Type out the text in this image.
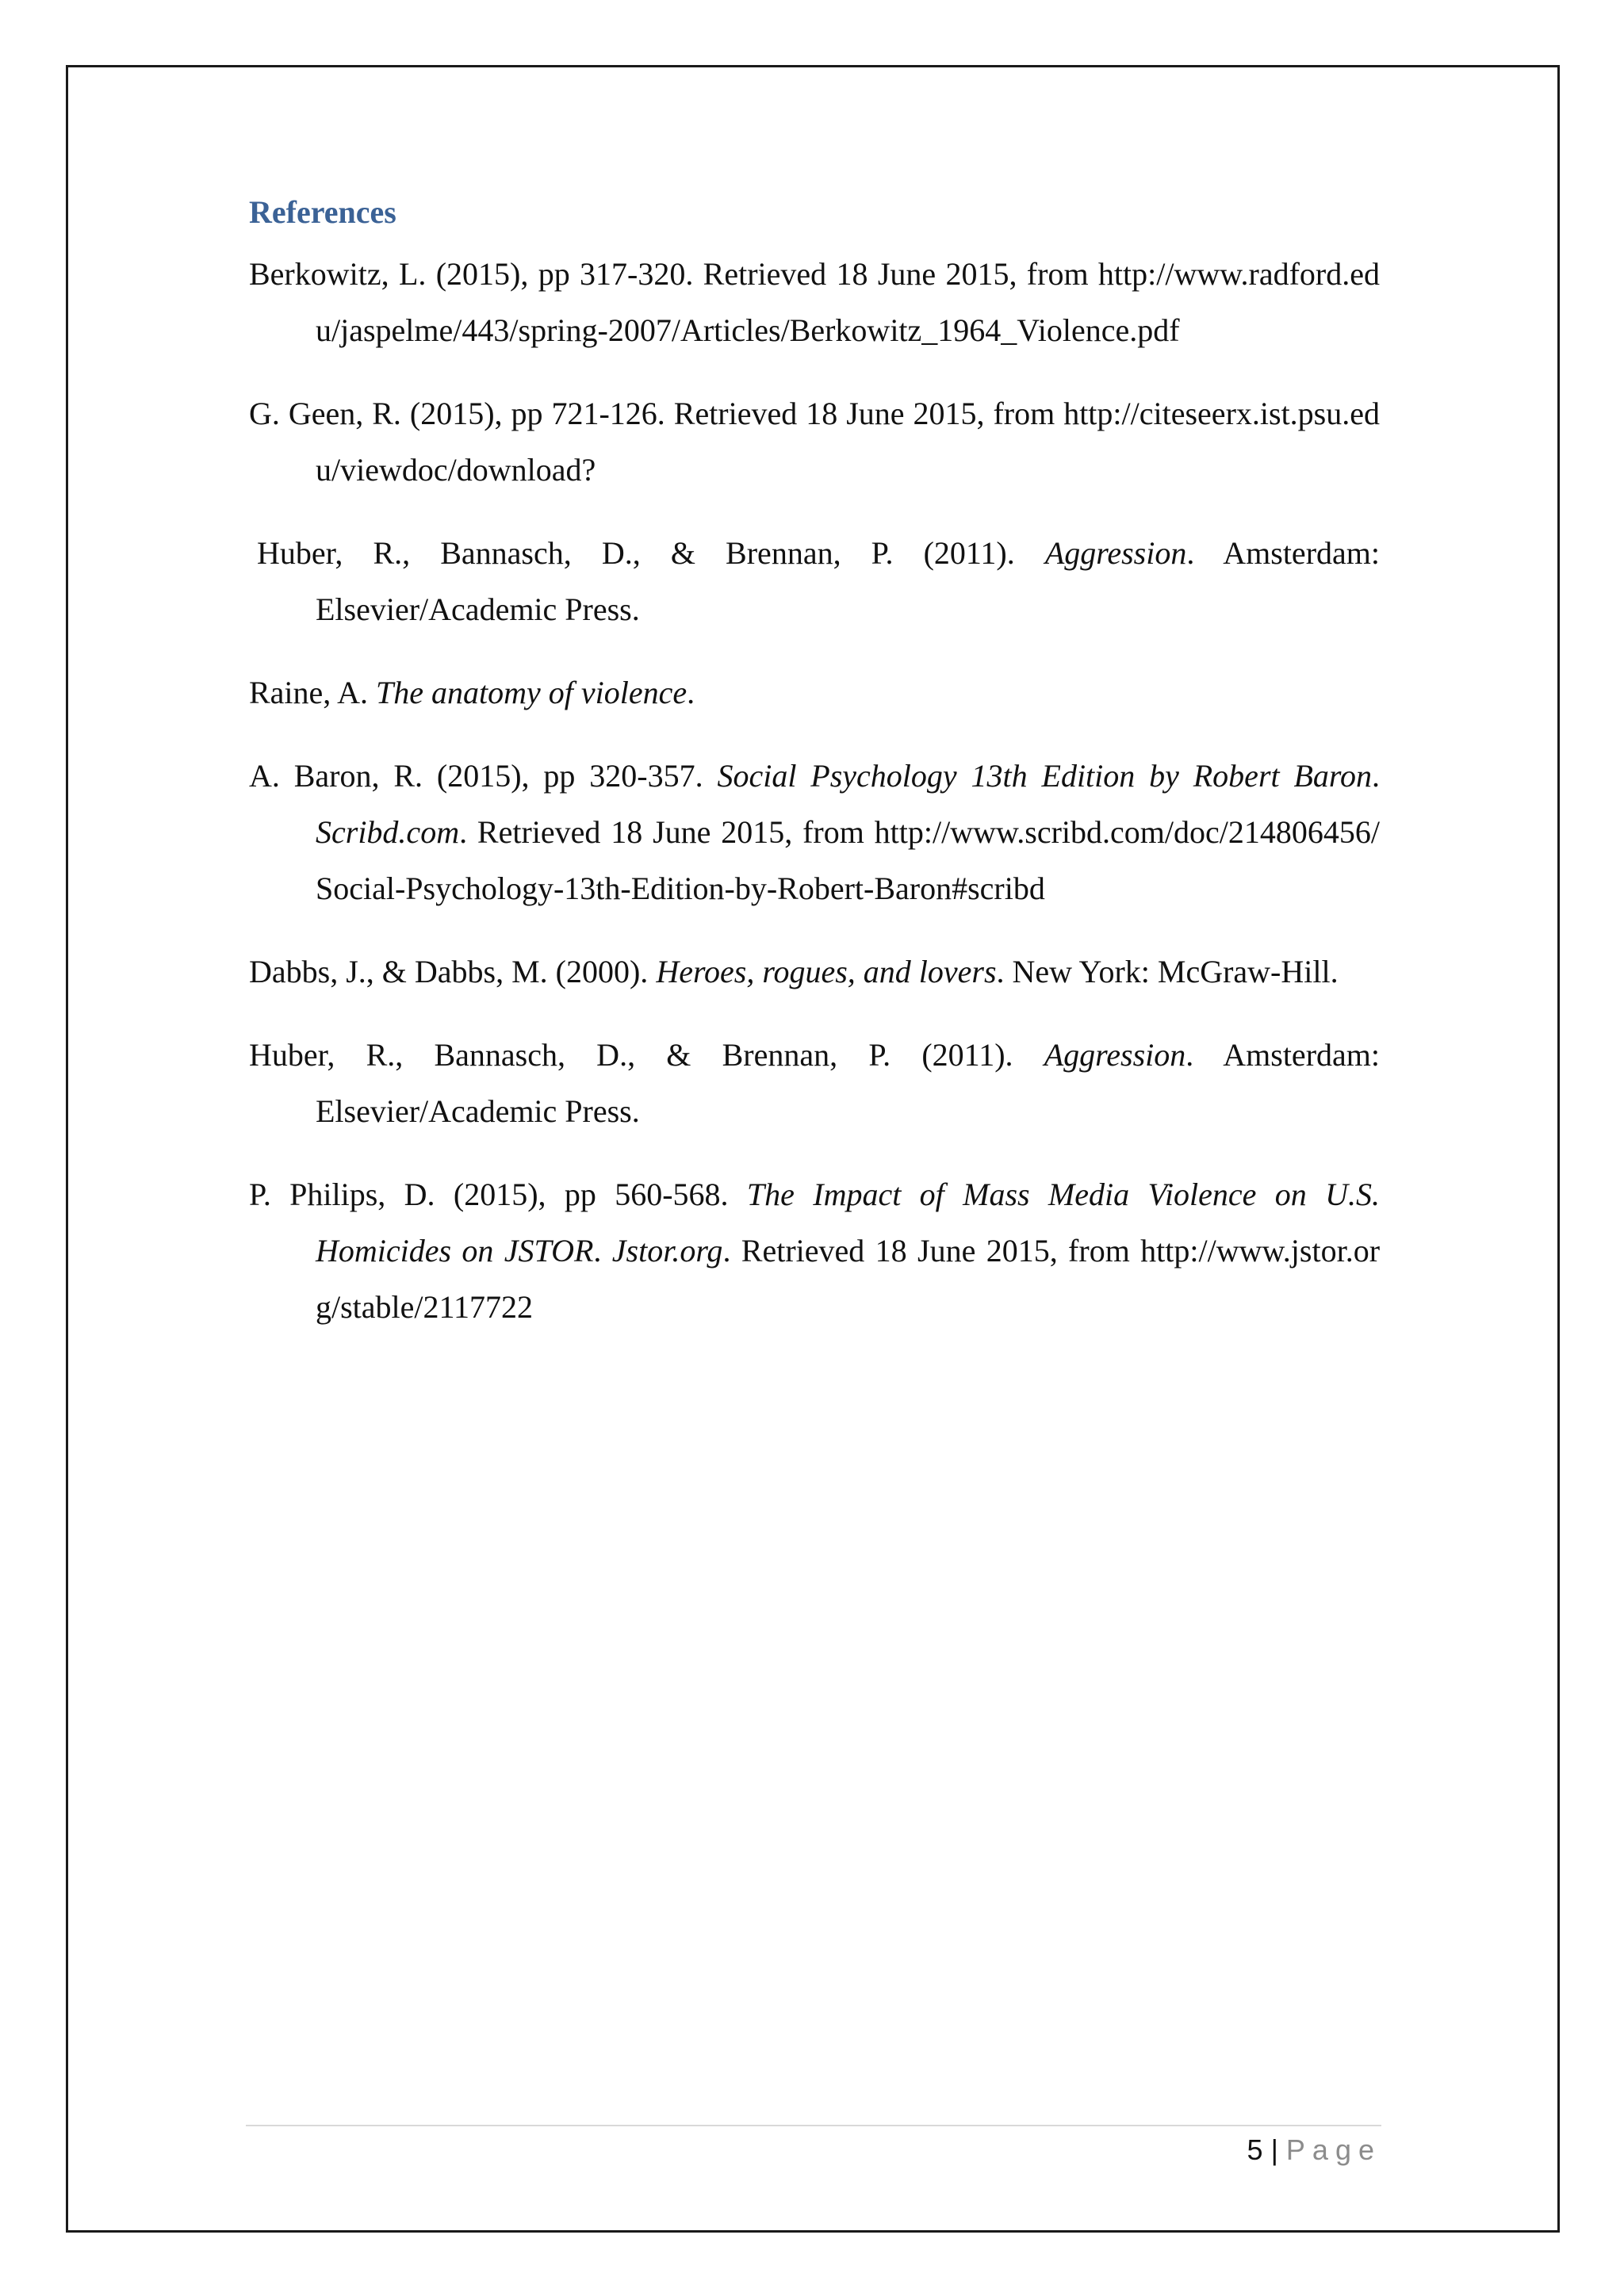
References

Berkowitz, L. (2015), pp 317-320. Retrieved 18 June 2015, from http://www.radford.edu/jaspelme/443/spring-2007/Articles/Berkowitz_1964_Violence.pdf

G. Geen, R. (2015), pp 721-126. Retrieved 18 June 2015, from http://citeseerx.ist.psu.edu/viewdoc/download?

Huber, R., Bannasch, D., & Brennan, P. (2011). Aggression. Amsterdam: Elsevier/Academic Press.

Raine, A. The anatomy of violence.

A. Baron, R. (2015), pp 320-357. Social Psychology 13th Edition by Robert Baron. Scribd.com. Retrieved 18 June 2015, from http://www.scribd.com/doc/214806456/Social-Psychology-13th-Edition-by-Robert-Baron#scribd

Dabbs, J., & Dabbs, M. (2000). Heroes, rogues, and lovers. New York: McGraw-Hill.

Huber, R., Bannasch, D., & Brennan, P. (2011). Aggression. Amsterdam: Elsevier/Academic Press.

P. Philips, D. (2015), pp 560-568. The Impact of Mass Media Violence on U.S. Homicides on JSTOR. Jstor.org. Retrieved 18 June 2015, from http://www.jstor.org/stable/2117722

5 | Page
